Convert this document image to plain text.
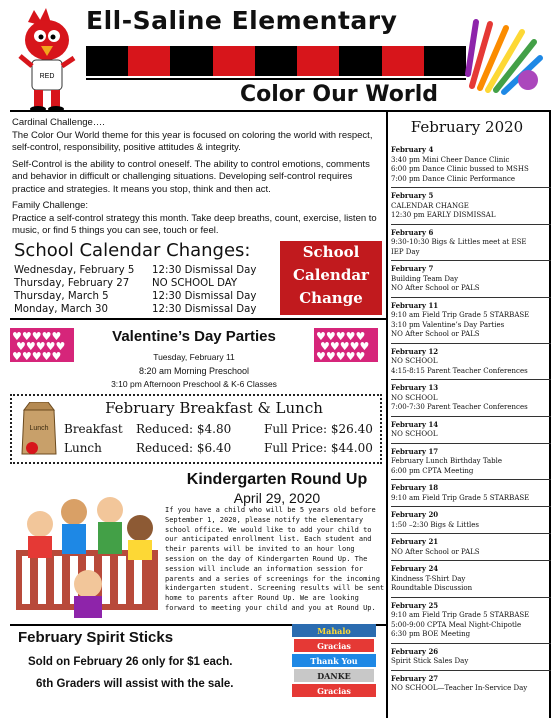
RED
Ell-Saline Elementary
Color Our World

Cardinal Challenge….

The Color Our World theme for this year is focused on coloring the world with respect, self-control, responsibility, positive attitudes & integrity.

Self-Control is the ability to control oneself. The ability to control emotions, comments and behavior in difficult or challenging situations. Developing self-control requires practice and strategies. It means you stop, think and then act.

Family Challenge:

Practice a self-control strategy this month. Take deep breaths, count, exercise, listen to music, or find 5 things you can see, touch or feel.

School Calendar Changes:
Wednesday, February 5	12:30 Dismissal Day
Thursday, February 27	NO SCHOOL DAY
Thursday, March 5	12:30 Dismissal Day
Monday, March 30	12:30 Dismissal Day
School
Calendar
Change
♥♥♥♥♥
♥♥♥♥♥
♥♥♥♥♥
♥♥♥♥♥
♥♥♥♥♥
♥♥♥♥♥
Valentine’s Day Parties
Tuesday, February 11
8:20 am Morning Preschool
3:10 pm Afternoon Preschool & K-6 Classes
Lunch
February Breakfast & Lunch
Breakfast Reduced: $4.80	Full Price: $26.40
Lunch	Reduced: $6.40	Full Price: $44.00
Kindergarten Round Up
April 29, 2020
If you have a child who will be 5 years old before September 1, 2020, please notify the elementary school office. We would like to add your child to our anticipated enrollment list. Each student and their parents will be invited to an hour long session on the day of Kindergarten Round Up. The session will include an information session for parents and a series of screenings for the incoming kindergarten student. Screening results will be sent home to parents after Round Up. We are looking forward to meeting your child and you at Round Up.
February Spirit Sticks
Sold on February 26 only for $1 each.
6th Graders will assist with the sale.
Mahalo
Gracias
Thank You
DANKE
Gracias
February 2020
February 4
3:40 pm Mini Cheer Dance Clinic
6:00 pm Dance Clinic bussed to MSHS
7:00 pm Dance Clinic Performance
February 5
CALENDAR CHANGE
12:30 pm EARLY DISMISSAL
February 6
9:30-10:30 Bigs & Littles meet at ESE
IEP Day
February 7
Building Team Day
NO After School or PALS
February 11
9:10 am Field Trip Grade 5 STARBASE
3:10 pm Valentine’s Day Parties
NO After School or PALS
February 12
NO SCHOOL
4:15-8:15 Parent Teacher Conferences
February 13
NO SCHOOL
7:00-7:30 Parent Teacher Conferences
February 14
NO SCHOOL
February 17
February Lunch Birthday Table
6:00 pm CPTA Meeting
February 18
9:10 am Field Trip Grade 5 STARBASE
February 20
1:50 –2:30 Bigs & Littles
February 21
NO After School or PALS
February 24
Kindness T-Shirt Day
Roundtable Discussion
February 25
9:10 am Field Trip Grade 5 STARBASE
5:00-9:00 CPTA Meal Night-Chipotle
6:30 pm BOE Meeting
February 26
Spirit Stick Sales Day
February 27
NO SCHOOL—Teacher In-Service Day
